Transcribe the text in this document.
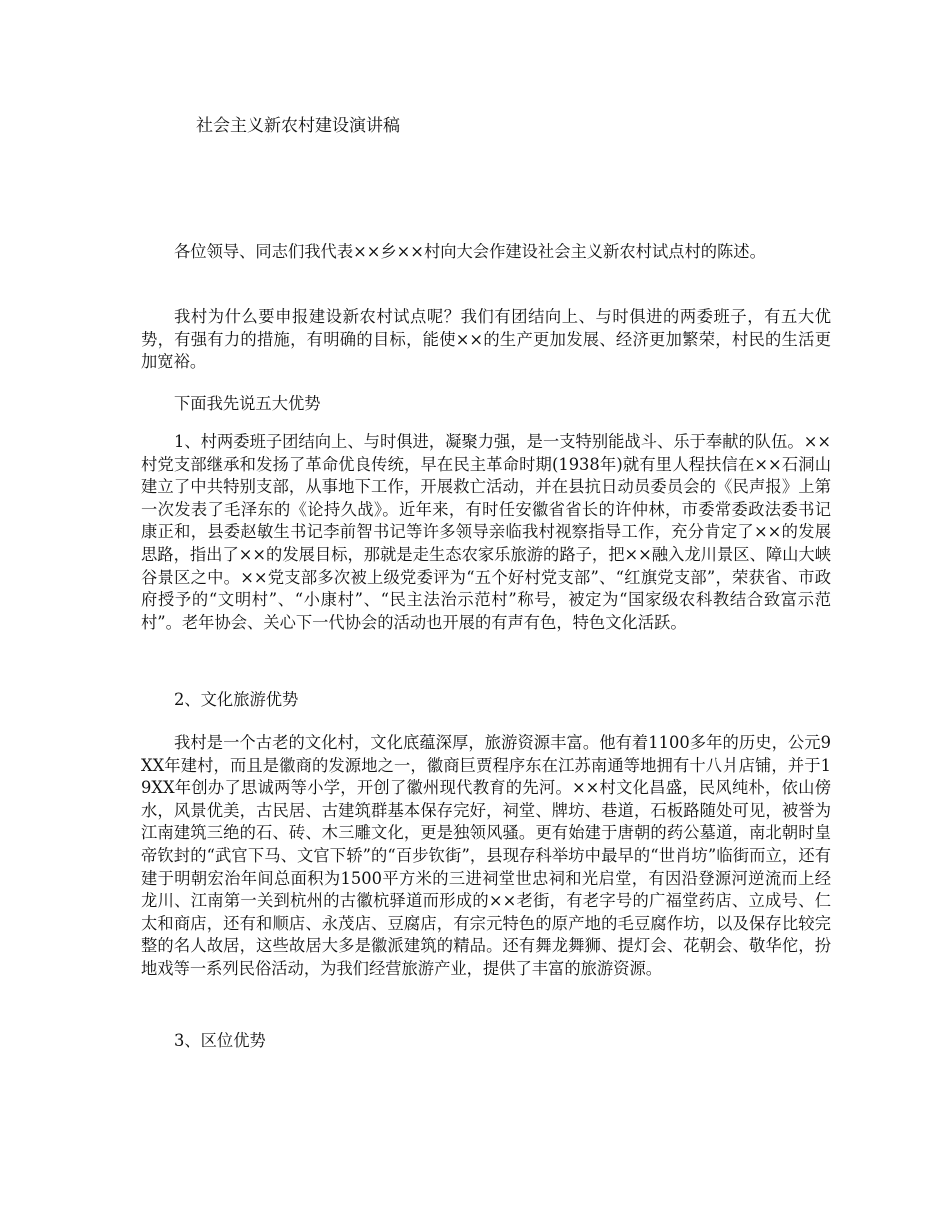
社会主义新农村建设演讲稿

各位领导、同志们我代表××乡××村向大会作建设社会主义新农村试点村的陈述。

我村为什么要申报建设新农村试点呢？我们有团结向上、与时俱进的两委班子，有五大优势，有强有力的措施，有明确的目标，能使××的生产更加发展、经济更加繁荣，村民的生活更加宽裕。

下面我先说五大优势

1、村两委班子团结向上、与时俱进，凝聚力强，是一支特别能战斗、乐于奉献的队伍。××村党支部继承和发扬了革命优良传统，早在民主革命时期(1938年)就有里人程扶信在××石洞山建立了中共特别支部，从事地下工作，开展救亡活动，并在县抗日动员委员会的《民声报》上第一次发表了毛泽东的《论持久战》。近年来，有时任安徽省省长的许仲林，市委常委政法委书记康正和，县委赵敏生书记李前智书记等许多领导亲临我村视察指导工作，充分肯定了××的发展思路，指出了××的发展目标，那就是走生态农家乐旅游的路子，把××融入龙川景区、障山大峡谷景区之中。××党支部多次被上级党委评为“五个好村党支部”、“红旗党支部”，荣获省、市政府授予的“文明村”、“小康村”、“民主法治示范村”称号，被定为“国家级农科教结合致富示范村”。老年协会、关心下一代协会的活动也开展的有声有色，特色文化活跃。

2、文化旅游优势

我村是一个古老的文化村，文化底蕴深厚，旅游资源丰富。他有着1100多年的历史，公元9XX年建村，而且是徽商的发源地之一，徽商巨贾程序东在江苏南通等地拥有十八爿店铺，并于19XX年创办了思诚两等小学，开创了徽州现代教育的先河。××村文化昌盛，民风纯朴，依山傍水，风景优美，古民居、古建筑群基本保存完好，祠堂、牌坊、巷道，石板路随处可见，被誉为江南建筑三绝的石、砖、木三雕文化，更是独领风骚。更有始建于唐朝的药公墓道，南北朝时皇帝钦封的“武官下马、文官下轿”的“百步钦街”，县现存科举坊中最早的“世肖坊”临街而立，还有建于明朝宏治年间总面积为1500平方米的三进祠堂世忠祠和光启堂，有因沿登源河逆流而上经龙川、江南第一关到杭州的古徽杭驿道而形成的××老街，有老字号的广福堂药店、立成号、仁太和商店，还有和顺店、永茂店、豆腐店，有宗元特色的原产地的毛豆腐作坊，以及保存比较完整的名人故居，这些故居大多是徽派建筑的精品。还有舞龙舞狮、提灯会、花朝会、敬华佗，扮地戏等一系列民俗活动，为我们经营旅游产业，提供了丰富的旅游资源。

3、区位优势
